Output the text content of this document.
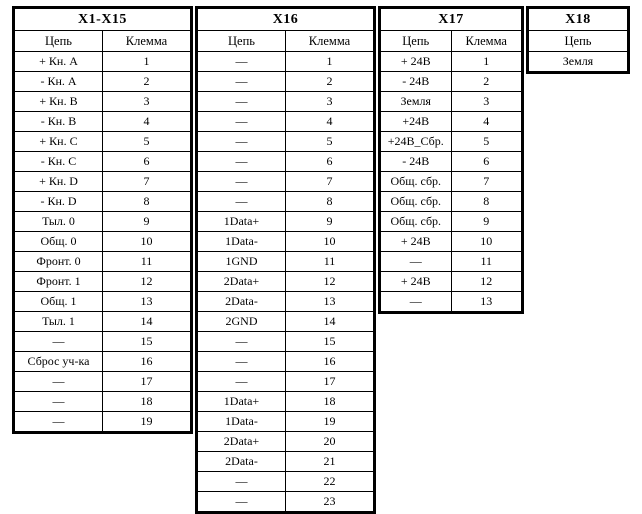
X1-X15	
Цепь	Клемма
+ Кн. А	1
- Кн. А	2
+ Кн. В	3
- Кн. В	4
+ Кн. С	5
- Кн. С	6
+ Кн. D	7
- Кн. D	8
Тыл. 0	9
Общ. 0	10
Фронт. 0	11
Фронт. 1	12
Общ. 1	13
Тыл. 1	14
—	15
Сброс уч-ка	16
—	17
—	18
—	19
X16	
Цепь	Клемма
—	1
—	2
—	3
—	4
—	5
—	6
—	7
—	8
1Data+	9
1Data-	10
1GND	11
2Data+	12
2Data-	13
2GND	14
—	15
—	16
—	17
1Data+	18
1Data-	19
2Data+	20
2Data-	21
—	22
—	23
X17	
Цепь	Клемма
+ 24В	1
- 24В	2
Земля	3
+24В	4
+24В_Сбр.	5
- 24В	6
Общ. сбр.	7
Общ. сбр.	8
Общ. сбр.	9
+ 24В	10
—	11
+ 24В	12
—	13
X18
Цепь
Земля
